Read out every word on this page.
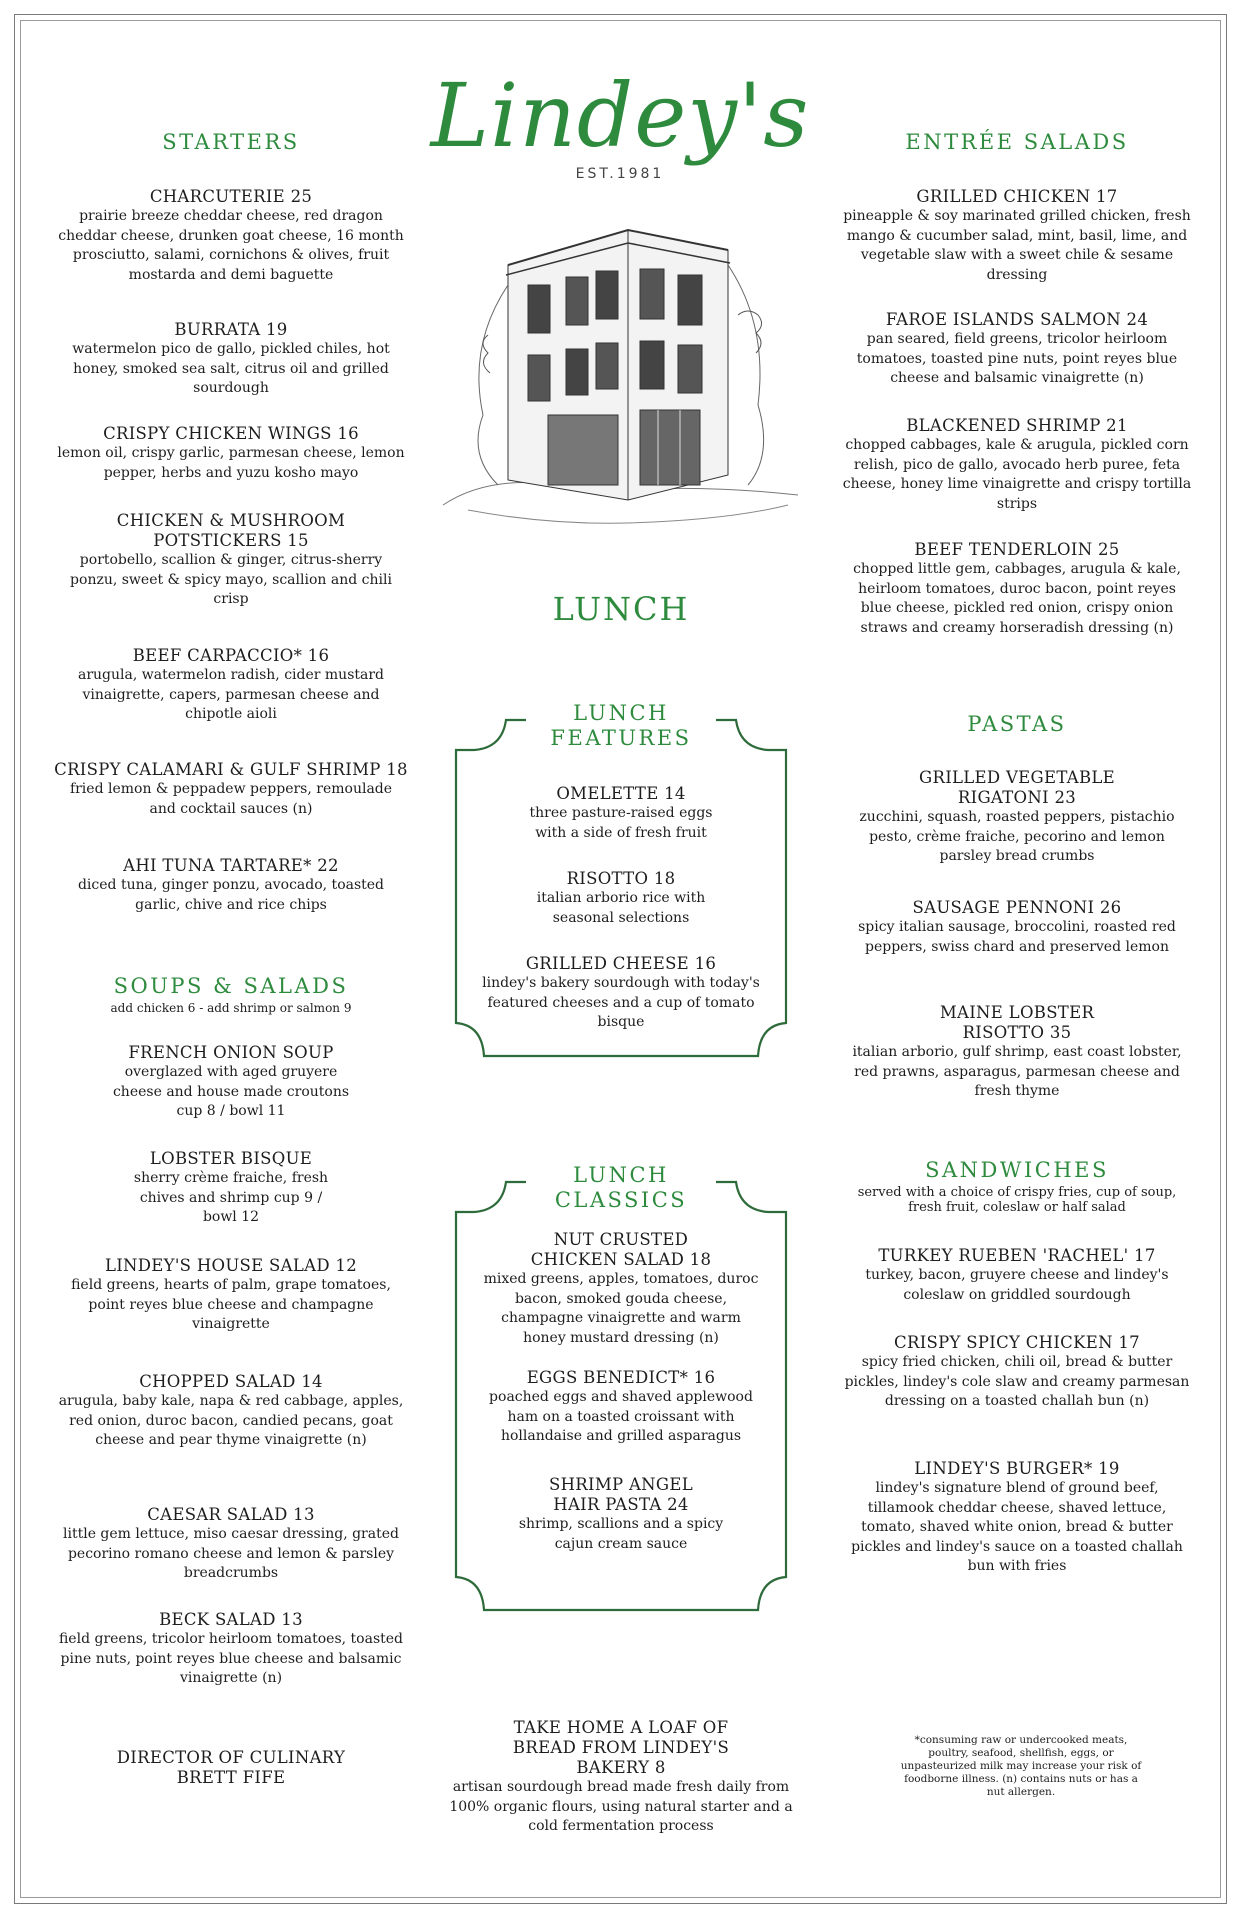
Lindey's
EST.1981
LUNCH
STARTERS
CHARCUTERIE 25
prairie breeze cheddar cheese, red dragon cheddar cheese, drunken goat cheese, 16 month prosciutto, salami, cornichons & olives, fruit mostarda and demi baguette
BURRATA 19
watermelon pico de gallo, pickled chiles, hot honey, smoked sea salt, citrus oil and grilled sourdough
CRISPY CHICKEN WINGS 16
lemon oil, crispy garlic, parmesan cheese, lemon pepper, herbs and yuzu kosho mayo
CHICKEN & MUSHROOM POTSTICKERS 15
portobello, scallion & ginger, citrus-sherry ponzu, sweet & spicy mayo, scallion and chili crisp
BEEF CARPACCIO* 16
arugula, watermelon radish, cider mustard vinaigrette, capers, parmesan cheese and chipotle aioli
CRISPY CALAMARI & GULF SHRIMP 18
fried lemon & peppadew peppers, remoulade and cocktail sauces (n)
AHI TUNA TARTARE* 22
diced tuna, ginger ponzu, avocado, toasted garlic, chive and rice chips
SOUPS & SALADS
add chicken 6 - add shrimp or salmon 9
FRENCH ONION SOUP
overglazed with aged gruyere cheese and house made croutons cup 8 / bowl 11
LOBSTER BISQUE
sherry crème fraiche, fresh chives and shrimp cup 9 / bowl 12
LINDEY'S HOUSE SALAD 12
field greens, hearts of palm, grape tomatoes, point reyes blue cheese and champagne vinaigrette
CHOPPED SALAD 14
arugula, baby kale, napa & red cabbage, apples, red onion, duroc bacon, candied pecans, goat cheese and pear thyme vinaigrette (n)
CAESAR SALAD 13
little gem lettuce, miso caesar dressing, grated pecorino romano cheese and lemon & parsley breadcrumbs
BECK SALAD 13
field greens, tricolor heirloom tomatoes, toasted pine nuts, point reyes blue cheese and balsamic vinaigrette (n)
DIRECTOR OF CULINARY
BRETT FIFE
LUNCH
FEATURES
OMELETTE 14
three pasture-raised eggs with a side of fresh fruit
RISOTTO 18
italian arborio rice with seasonal selections
GRILLED CHEESE 16
lindey's bakery sourdough with today's featured cheeses and a cup of tomato bisque
LUNCH
CLASSICS
NUT CRUSTED CHICKEN SALAD 18
mixed greens, apples, tomatoes, duroc bacon, smoked gouda cheese, champagne vinaigrette and warm honey mustard dressing (n)
EGGS BENEDICT* 16
poached eggs and shaved applewood ham on a toasted croissant with hollandaise and grilled asparagus
SHRIMP ANGEL HAIR PASTA 24
shrimp, scallions and a spicy cajun cream sauce
TAKE HOME A LOAF OF BREAD FROM LINDEY'S BAKERY 8
artisan sourdough bread made fresh daily from 100% organic flours, using natural starter and a cold fermentation process
ENTRÉE SALADS
GRILLED CHICKEN 17
pineapple & soy marinated grilled chicken, fresh mango & cucumber salad, mint, basil, lime, and vegetable slaw with a sweet chile & sesame dressing
FAROE ISLANDS SALMON 24
pan seared, field greens, tricolor heirloom tomatoes, toasted pine nuts, point reyes blue cheese and balsamic vinaigrette (n)
BLACKENED SHRIMP 21
chopped cabbages, kale & arugula, pickled corn relish, pico de gallo, avocado herb puree, feta cheese, honey lime vinaigrette and crispy tortilla strips
BEEF TENDERLOIN 25
chopped little gem, cabbages, arugula & kale, heirloom tomatoes, duroc bacon, point reyes blue cheese, pickled red onion, crispy onion straws and creamy horseradish dressing (n)
PASTAS
GRILLED VEGETABLE RIGATONI 23
zucchini, squash, roasted peppers, pistachio pesto, crème fraiche, pecorino and lemon parsley bread crumbs
SAUSAGE PENNONI 26
spicy italian sausage, broccolini, roasted red peppers, swiss chard and preserved lemon
MAINE LOBSTER RISOTTO 35
italian arborio, gulf shrimp, east coast lobster, red prawns, asparagus, parmesan cheese and fresh thyme
SANDWICHES
served with a choice of crispy fries, cup of soup, fresh fruit, coleslaw or half salad
TURKEY RUEBEN 'RACHEL' 17
turkey, bacon, gruyere cheese and lindey's coleslaw on griddled sourdough
CRISPY SPICY CHICKEN 17
spicy fried chicken, chili oil, bread & butter pickles, lindey's cole slaw and creamy parmesan dressing on a toasted challah bun (n)
LINDEY'S BURGER* 19
lindey's signature blend of ground beef, tillamook cheddar cheese, shaved lettuce, tomato, shaved white onion, bread & butter pickles and lindey's sauce on a toasted challah bun with fries
*consuming raw or undercooked meats, poultry, seafood, shellfish, eggs, or unpasteurized milk may increase your risk of foodborne illness. (n) contains nuts or has a nut allergen.
